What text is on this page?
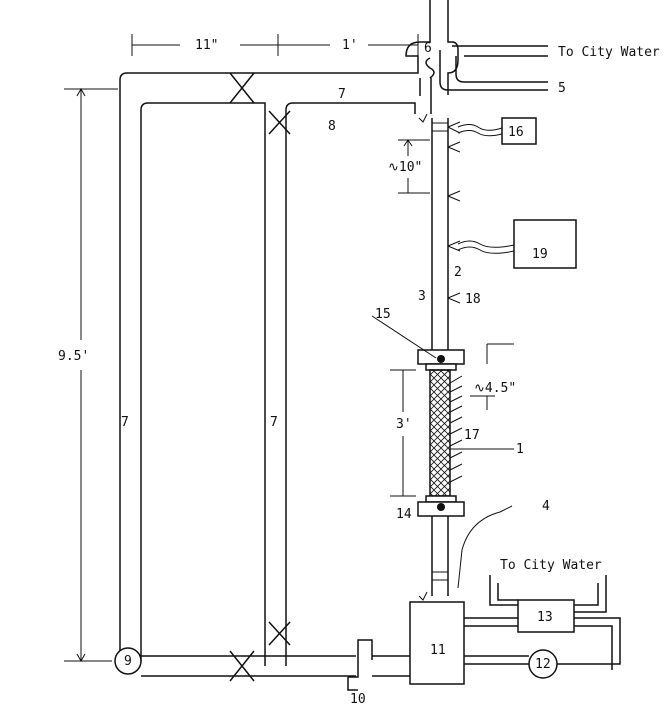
11"	1'
9.5'
To City Water
5
6
∿10"
3'
∿4.5"
16
19
To City Water
1
2
3
4
7
7	7
8
9
10
11
12
13
14
15
17
18
